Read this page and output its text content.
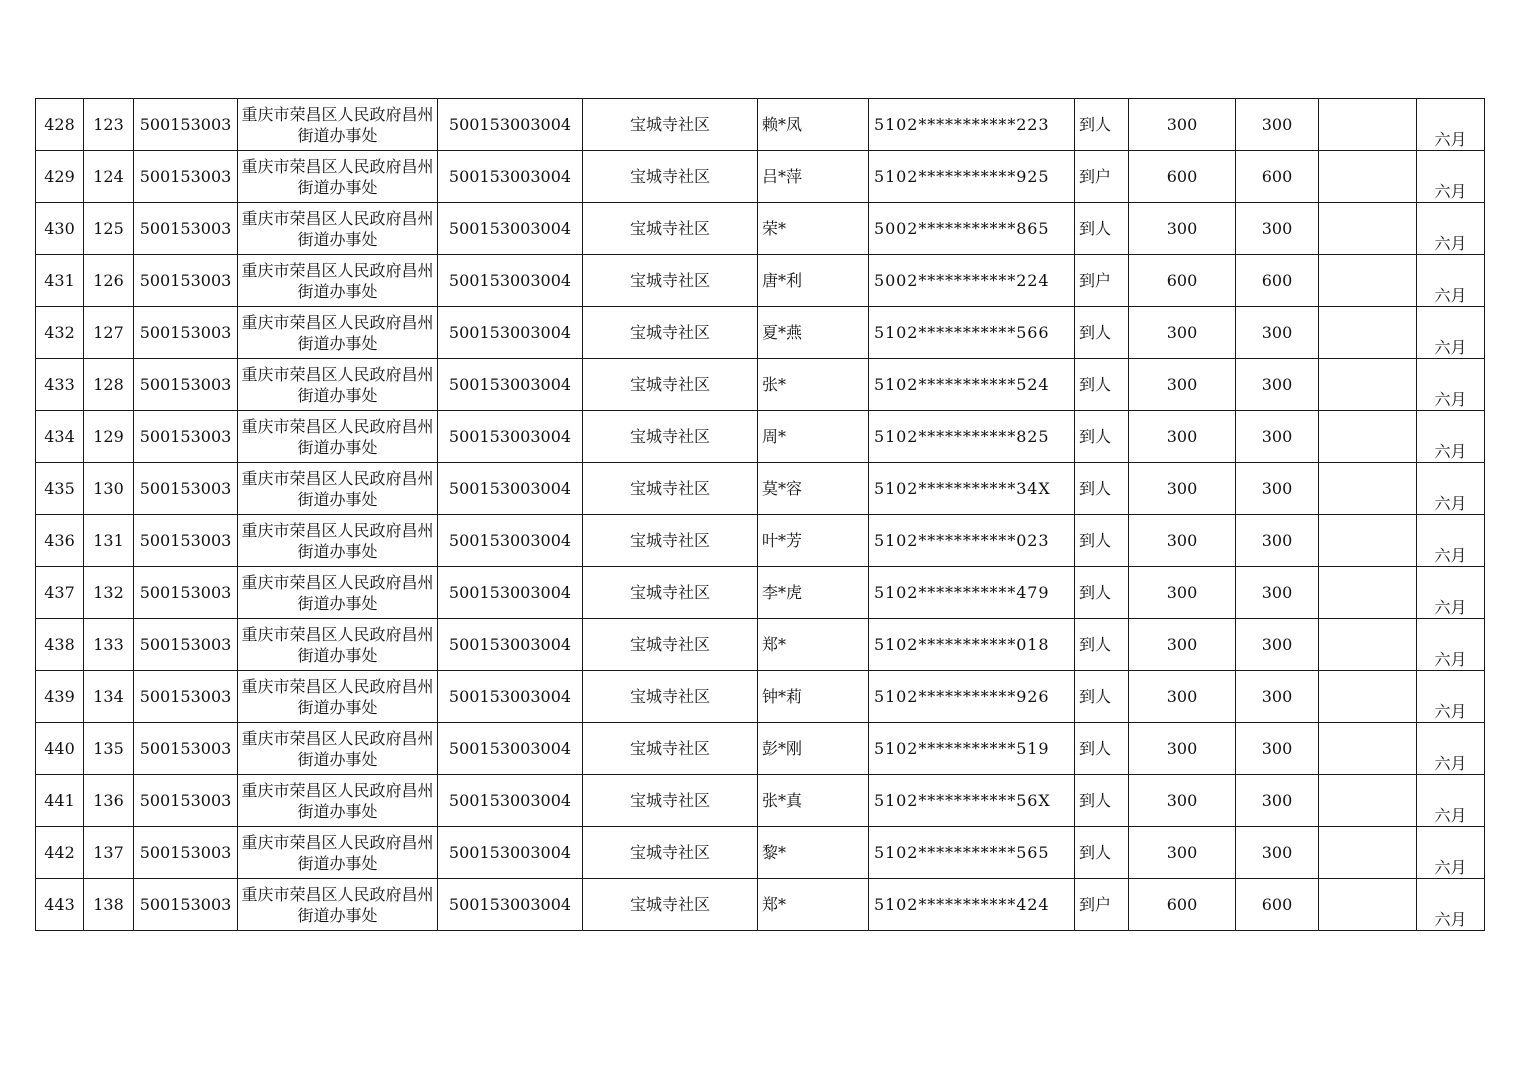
428	123	500153003	重庆市荣昌区人民政府昌州街道办事处	500153003004	宝城寺社区	赖*凤	5102***********223	到人	300	300		六月
429	124	500153003	重庆市荣昌区人民政府昌州街道办事处	500153003004	宝城寺社区	吕*萍	5102***********925	到户	600	600		六月
430	125	500153003	重庆市荣昌区人民政府昌州街道办事处	500153003004	宝城寺社区	荣*	5002***********865	到人	300	300		六月
431	126	500153003	重庆市荣昌区人民政府昌州街道办事处	500153003004	宝城寺社区	唐*利	5002***********224	到户	600	600		六月
432	127	500153003	重庆市荣昌区人民政府昌州街道办事处	500153003004	宝城寺社区	夏*燕	5102***********566	到人	300	300		六月
433	128	500153003	重庆市荣昌区人民政府昌州街道办事处	500153003004	宝城寺社区	张*	5102***********524	到人	300	300		六月
434	129	500153003	重庆市荣昌区人民政府昌州街道办事处	500153003004	宝城寺社区	周*	5102***********825	到人	300	300		六月
435	130	500153003	重庆市荣昌区人民政府昌州街道办事处	500153003004	宝城寺社区	莫*容	5102***********34X	到人	300	300		六月
436	131	500153003	重庆市荣昌区人民政府昌州街道办事处	500153003004	宝城寺社区	叶*芳	5102***********023	到人	300	300		六月
437	132	500153003	重庆市荣昌区人民政府昌州街道办事处	500153003004	宝城寺社区	李*虎	5102***********479	到人	300	300		六月
438	133	500153003	重庆市荣昌区人民政府昌州街道办事处	500153003004	宝城寺社区	郑*	5102***********018	到人	300	300		六月
439	134	500153003	重庆市荣昌区人民政府昌州街道办事处	500153003004	宝城寺社区	钟*莉	5102***********926	到人	300	300		六月
440	135	500153003	重庆市荣昌区人民政府昌州街道办事处	500153003004	宝城寺社区	彭*刚	5102***********519	到人	300	300		六月
441	136	500153003	重庆市荣昌区人民政府昌州街道办事处	500153003004	宝城寺社区	张*真	5102***********56X	到人	300	300		六月
442	137	500153003	重庆市荣昌区人民政府昌州街道办事处	500153003004	宝城寺社区	黎*	5102***********565	到人	300	300		六月
443	138	500153003	重庆市荣昌区人民政府昌州街道办事处	500153003004	宝城寺社区	郑*	5102***********424	到户	600	600		六月
